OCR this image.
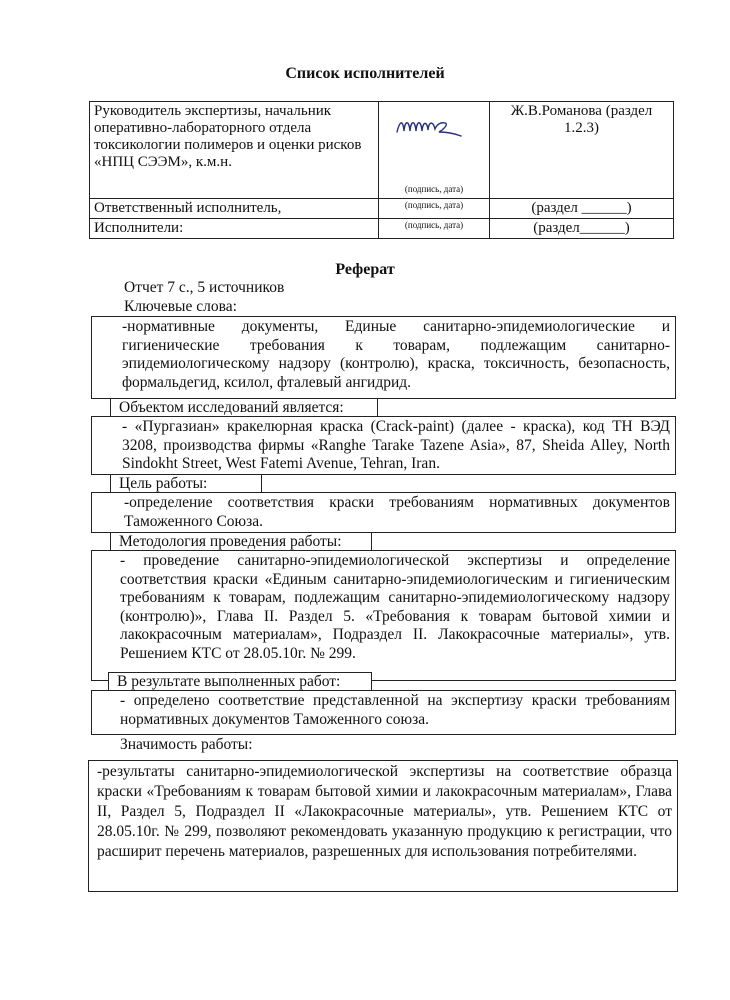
Список исполнителей
Руководитель экспертизы, начальник оперативно-лабораторного отдела токсикологии полимеров и оценки рисков «НПЦ СЭЭМ», к.м.н.	(подпись, дата)	Ж.В.Романова (раздел 1.2.3)
Ответственный исполнитель,	(подпись, дата)	(раздел ______)
Исполнители:	(подпись, дата)	(раздел______)
Реферат
Отчет 7 с., 5 источников
Ключевые слова:
-нормативные документы, Единые санитарно-эпидемиологические и гигиенические требования к товарам, подлежащим санитарно-эпидемиологическому надзору (контролю), краска, токсичность, безопасность, формальдегид, ксилол, фталевый ангидрид.
Объектом исследований является:
- «Пургазиан» кракелюрная краска (Crack-paint) (далее - краска), код ТН ВЭД 3208, производства фирмы «Ranghe Tarake Tazene Asia», 87, Sheida Alley, North Sindokht Street, West Fatemi Avenue, Tehran, Iran.
Цель работы:
-определение соответствия краски требованиям нормативных документов Таможенного Союза.
Методология проведения работы:
- проведение санитарно-эпидемиологической экспертизы и определение соответствия краски «Единым санитарно-эпидемиологическим и гигиеническим требованиям к товарам, подлежащим санитарно-эпидемиологическому надзору (контролю)», Глава II. Раздел 5. «Требования к товарам бытовой химии и лакокрасочным материалам», Подраздел II. Лакокрасочные материалы», утв. Решением КТС от 28.05.10г. № 299.
В результате выполненных работ:
- определено соответствие представленной на экспертизу краски требованиям нормативных документов Таможенного союза.
Значимость работы:
-результаты санитарно-эпидемиологической экспертизы на соответствие образца краски «Требованиям к товарам бытовой химии и лакокрасочным материалам», Глава II, Раздел 5, Подраздел II «Лакокрасочные материалы», утв. Решением КТС от 28.05.10г. № 299, позволяют рекомендовать указанную продукцию к регистрации, что расширит перечень материалов, разрешенных для использования потребителями.
